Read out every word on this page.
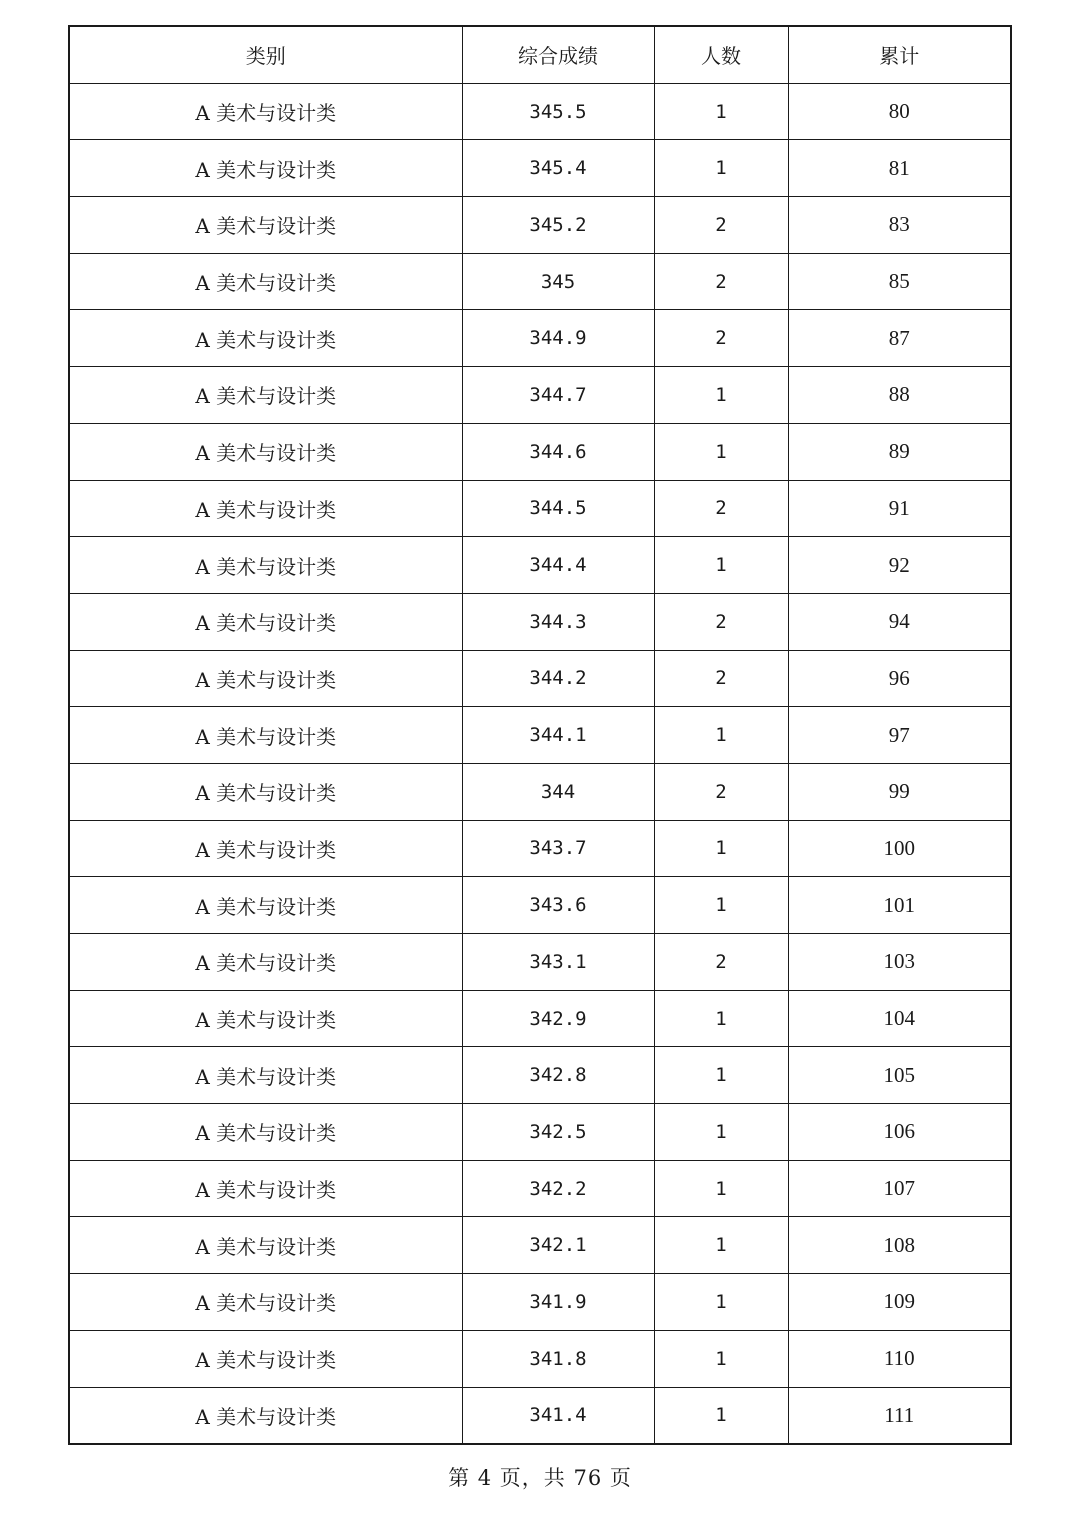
类别	综合成绩	人数	累计
A 美术与设计类	345.5	1	80
A 美术与设计类	345.4	1	81
A 美术与设计类	345.2	2	83
A 美术与设计类	345	2	85
A 美术与设计类	344.9	2	87
A 美术与设计类	344.7	1	88
A 美术与设计类	344.6	1	89
A 美术与设计类	344.5	2	91
A 美术与设计类	344.4	1	92
A 美术与设计类	344.3	2	94
A 美术与设计类	344.2	2	96
A 美术与设计类	344.1	1	97
A 美术与设计类	344	2	99
A 美术与设计类	343.7	1	100
A 美术与设计类	343.6	1	101
A 美术与设计类	343.1	2	103
A 美术与设计类	342.9	1	104
A 美术与设计类	342.8	1	105
A 美术与设计类	342.5	1	106
A 美术与设计类	342.2	1	107
A 美术与设计类	342.1	1	108
A 美术与设计类	341.9	1	109
A 美术与设计类	341.8	1	110
A 美术与设计类	341.4	1	111
第 4 页，共 76 页
